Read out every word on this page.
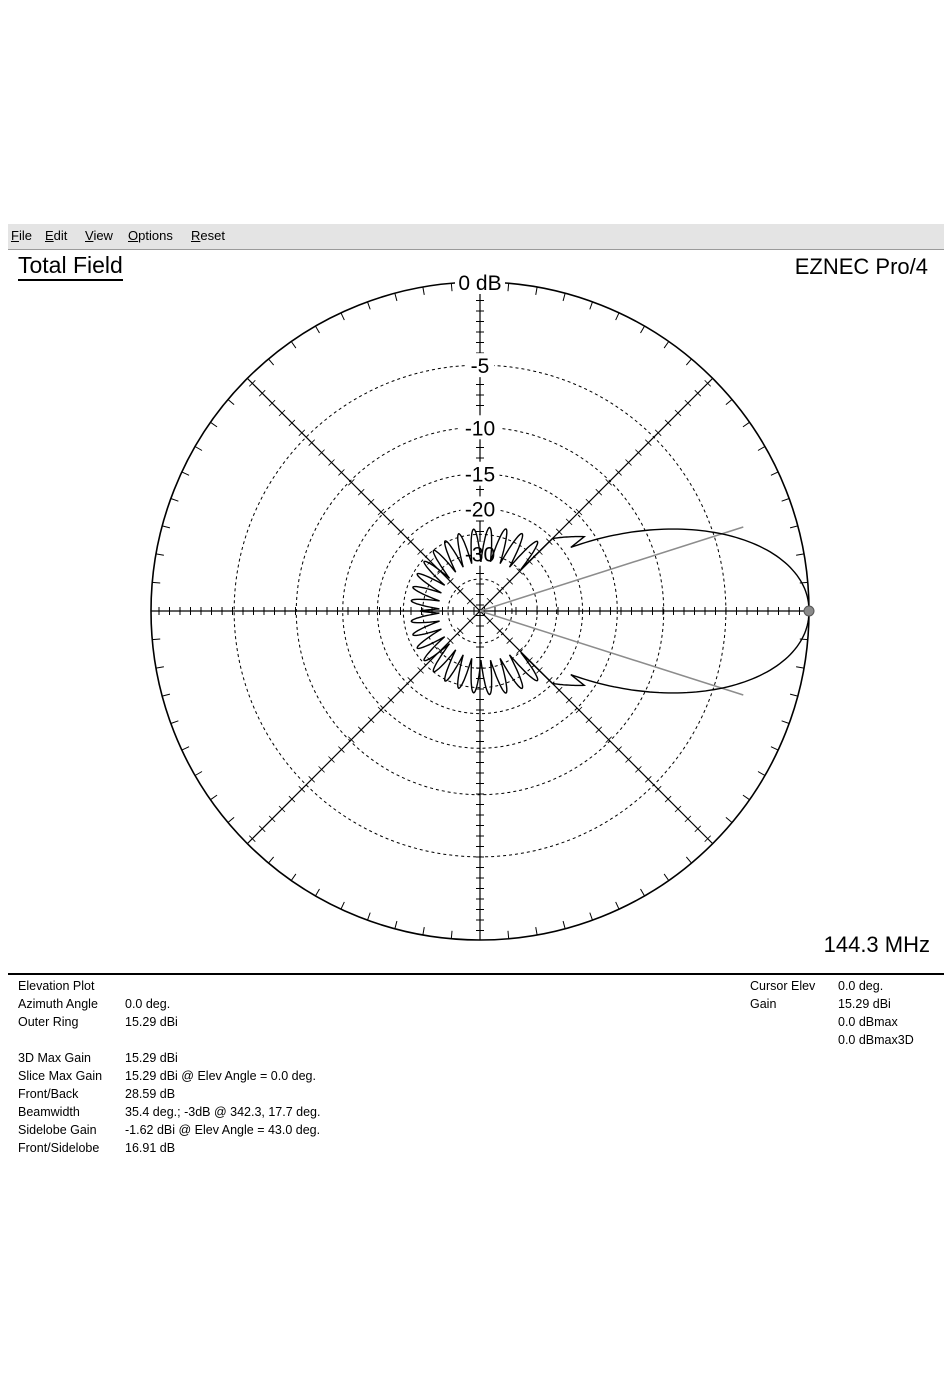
File Edit View Options Reset
0 dB
-5
-10
-15
-20
-30
Total Field	EZNEC Pro/4
144.3 MHz
Elevation Plot
Azimuth Angle 0.0 deg.
Outer Ring	15.29 dBi
3D Max Gain	15.29 dBi
Slice Max Gain 15.29 dBi @ Elev Angle = 0.0 deg.
Front/Back	28.59 dB
Beamwidth	35.4 deg.; -3dB @ 342.3, 17.7 deg.
Sidelobe Gain -1.62 dBi @ Elev Angle = 43.0 deg.
Front/Sidelobe 16.91 dB
Cursor Elev 0.0 deg.
Gain	15.29 dBi
0.0 dBmax
0.0 dBmax3D
